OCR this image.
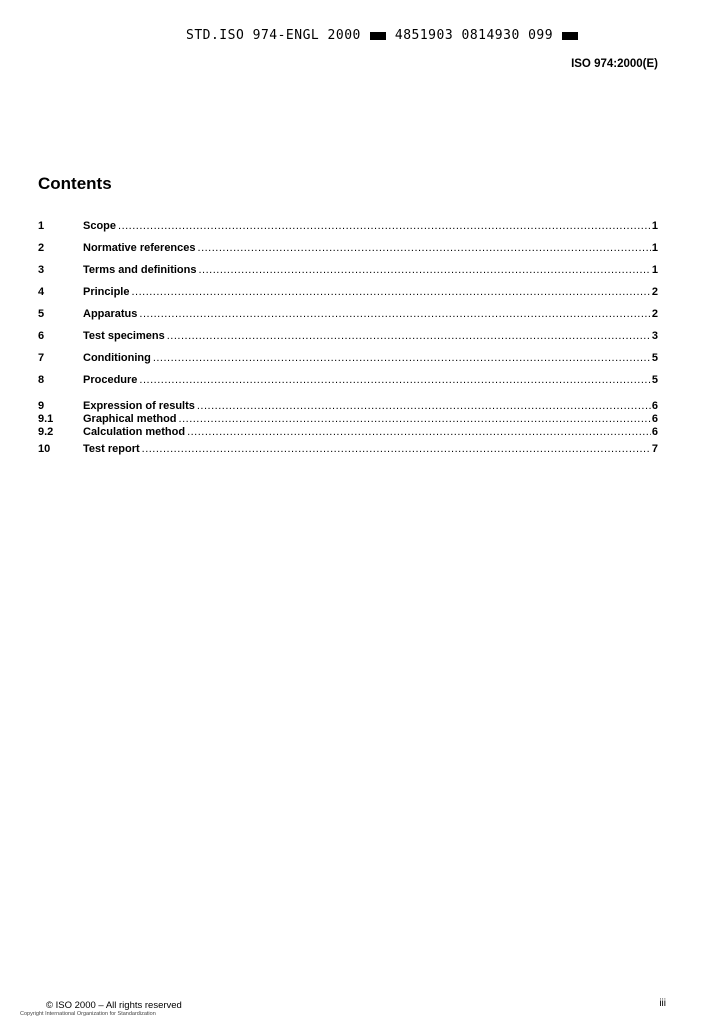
STD.ISO 974-ENGL 2000	4851903 0814930 099
ISO 974:2000(E)
Contents
1	Scope .....	1
2	Normative references .....	1
3	Terms and definitions .....	1
4	Principle .....	2
5	Apparatus .....	2
6	Test specimens .....	3
7	Conditioning .....	5
8	Procedure .....	5
9	Expression of results .....	6
9.1	Graphical method .....	6
9.2	Calculation method .....	6
10	Test report .....	7
© ISO 2000 – All rights reserved
Copyright International Organization for Standardization
iii
